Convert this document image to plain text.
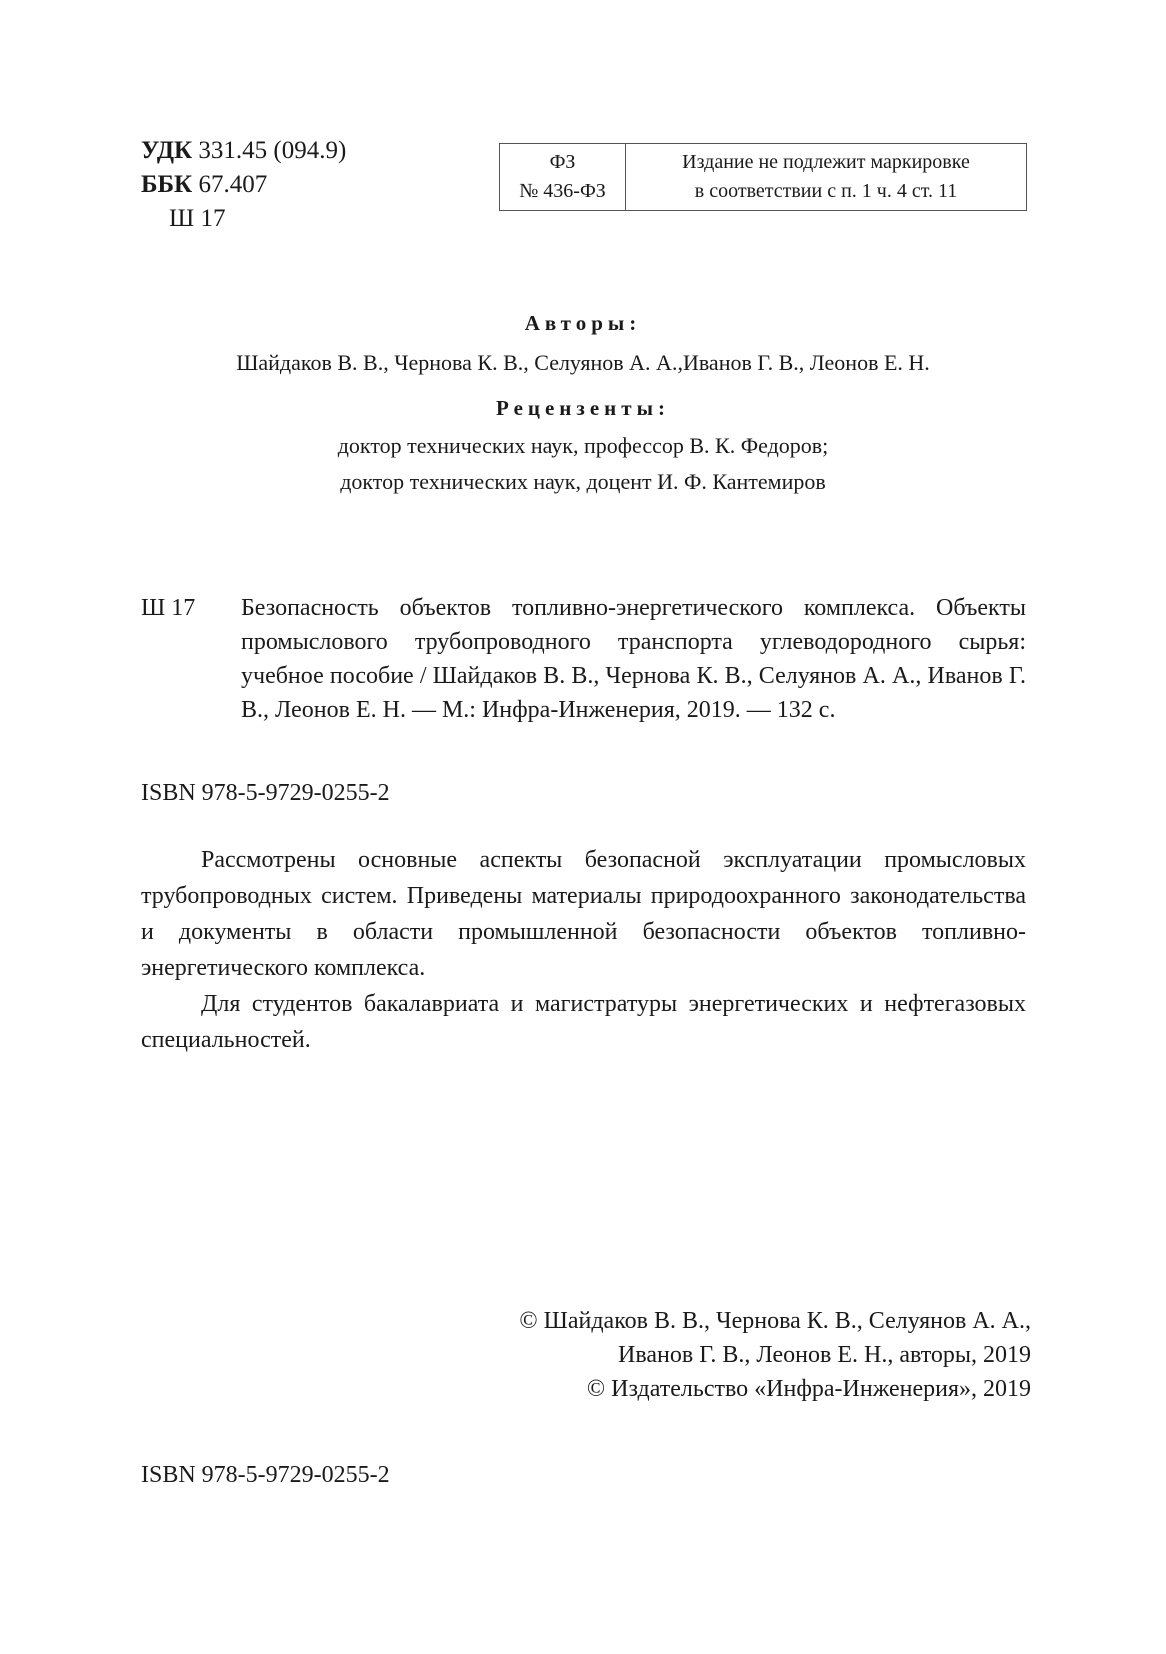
УДК 331.45 (094.9)
ББК 67.407
Ш 17
ФЗ
№ 436-ФЗ
Издание не подлежит маркировке
в соответствии с п. 1 ч. 4 ст. 11
Авторы:
Шайдаков В. В., Чернова К. В., Селуянов А. А.,Иванов Г. В., Леонов Е. Н.
Рецензенты:
доктор технических наук, профессор В. К. Федоров;
доктор технических наук, доцент И. Ф. Кантемиров
Ш 17 Безопасность объектов топливно-энергетического комплекса. Объекты промыслового трубопроводного транспорта углеводородного сырья: учебное пособие / Шайдаков В. В., Чернова К. В., Селуянов А. А., Иванов Г. В., Леонов Е. Н. — М.: Инфра-Инженерия, 2019. — 132 с.
ISBN 978-5-9729-0255-2

Рассмотрены основные аспекты безопасной эксплуатации промысловых трубопроводных систем. Приведены материалы природоохранного законодательства и документы в области промышленной безопасности объектов топливно-энергетического комплекса.

Для студентов бакалавриата и магистратуры энергетических и нефтегазовых специальностей.

© Шайдаков В. В., Чернова К. В., Селуянов А. А.,
Иванов Г. В., Леонов Е. Н., авторы, 2019
© Издательство «Инфра-Инженерия», 2019
ISBN 978-5-9729-0255-2
